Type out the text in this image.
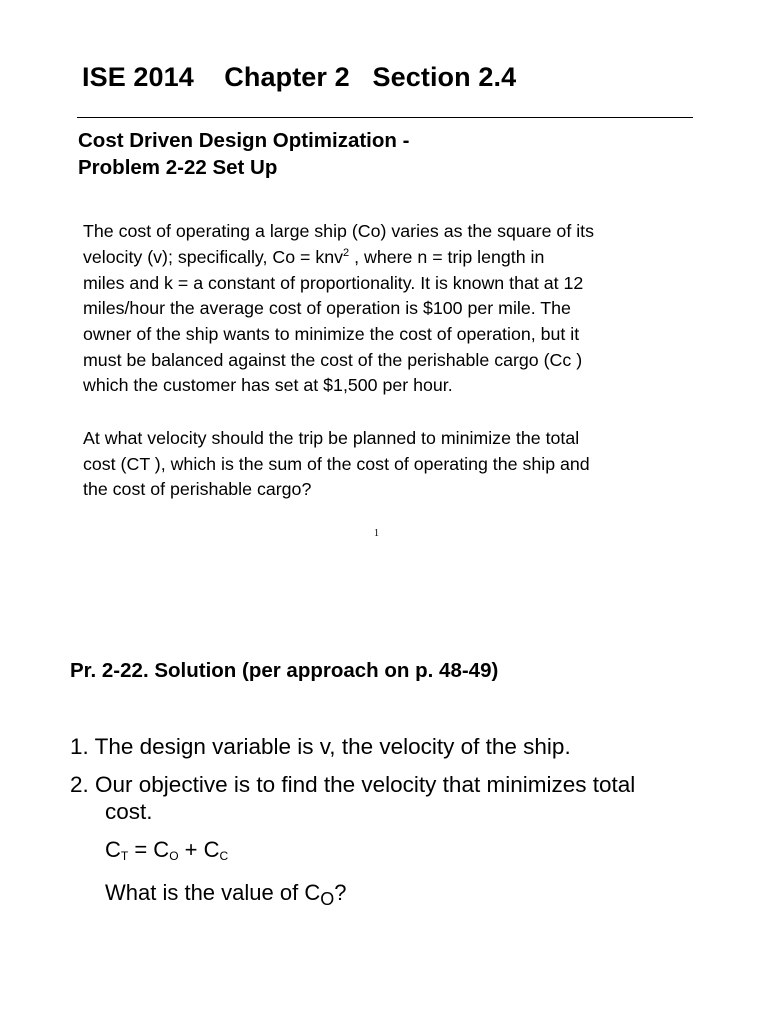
ISE 2014    Chapter 2   Section 2.4
Cost Driven Design Optimization -
Problem 2-22 Set Up
The cost of operating a large ship (Co) varies as the square of its
velocity (v); specifically, Co = knv$^2$ , where n = trip length in
miles and k = a constant of proportionality. It is known that at 12
miles/hour the average cost of operation is $100 per mile. The
owner of the ship wants to minimize the cost of operation, but it
must be balanced against the cost of the perishable cargo (Cc )
which the customer has set at $1,500 per hour.
At what velocity should the trip be planned to minimize the total
cost (CT ), which is the sum of the cost of operating the ship and
the cost of perishable cargo?
1
Pr. 2-22. Solution (per approach on p. 48-49)
1. The design variable is v, the velocity of the ship.
2. Our objective is to find the velocity that minimizes total
cost.
$C_T = C_O + C_C$
What is the value of $C_O$?
